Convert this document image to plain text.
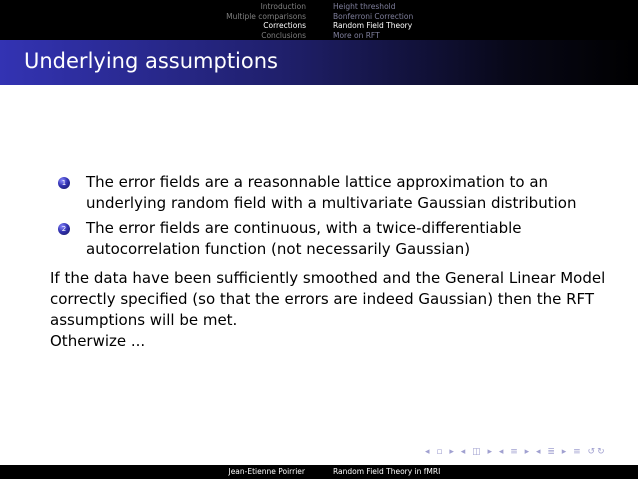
Introduction
Multiple comparisons
Corrections
Conclusions
Height threshold
Bonferroni Correction
Random Field Theory
More on RFT
Underlying assumptions
1 The error fields are a reasonnable lattice approximation to an underlying random field with a multivariate Gaussian distribution
2 The error fields are continuous, with a twice-differentiable autocorrelation function (not necessarily Gaussian)
If the data have been sufficiently smoothed and the General Linear Model correctly specified (so that the errors are indeed Gaussian) then the RFT assumptions will be met.
Otherwize ...
◂ ▫ ▸ ◂ ◫ ▸ ◂ ≡ ▸ ◂ ≣ ▸ ≡ ↺↻
Jean-Etienne Poirrier	Random Field Theory in fMRI
